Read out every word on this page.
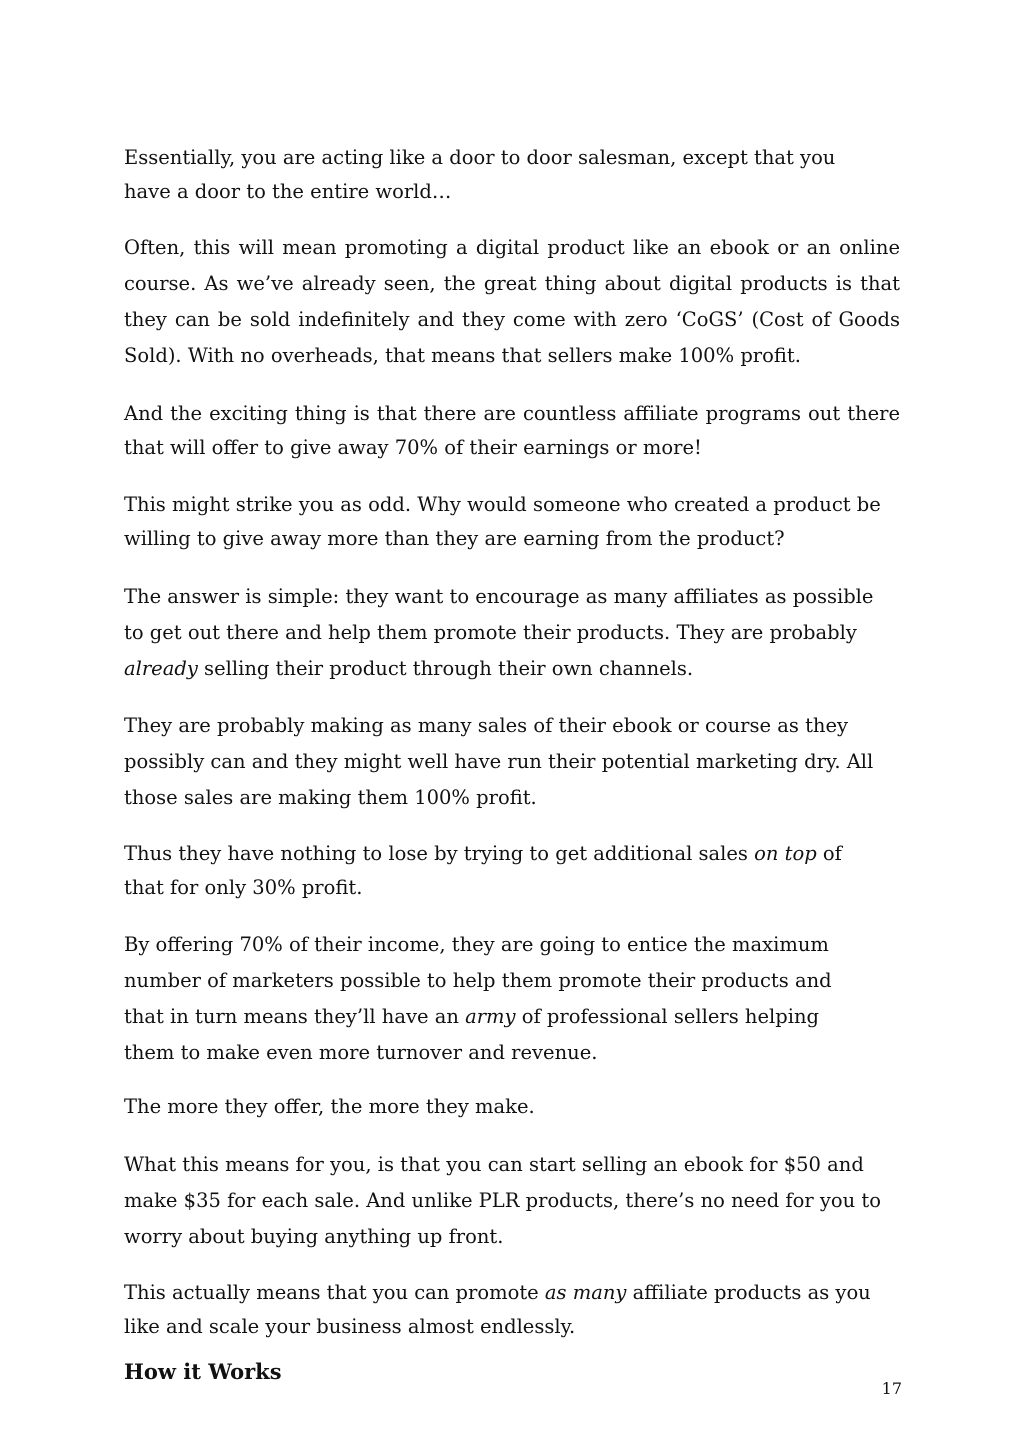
Essentially, you are acting like a door to door salesman, except that you have a door to the entire world…

Often, this will mean promoting a digital product like an ebook or an online course. As we’ve already seen, the great thing about digital products is that they can be sold indefinitely and they come with zero ‘CoGS’ (Cost of Goods Sold). With no overheads, that means that sellers make 100% profit.

And the exciting thing is that there are countless affiliate programs out there that will offer to give away 70% of their earnings or more!

This might strike you as odd. Why would someone who created a product be willing to give away more than they are earning from the product?

The answer is simple: they want to encourage as many affiliates as possible to get out there and help them promote their products. They are probably already selling their product through their own channels.

They are probably making as many sales of their ebook or course as they possibly can and they might well have run their potential marketing dry. All those sales are making them 100% profit.

Thus they have nothing to lose by trying to get additional sales on top of that for only 30% profit.

By offering 70% of their income, they are going to entice the maximum number of marketers possible to help them promote their products and that in turn means they’ll have an army of professional sellers helping them to make even more turnover and revenue.

The more they offer, the more they make.

What this means for you, is that you can start selling an ebook for $50 and make $35 for each sale. And unlike PLR products, there’s no need for you to worry about buying anything up front.

This actually means that you can promote as many affiliate products as you like and scale your business almost endlessly.

How it Works
17
